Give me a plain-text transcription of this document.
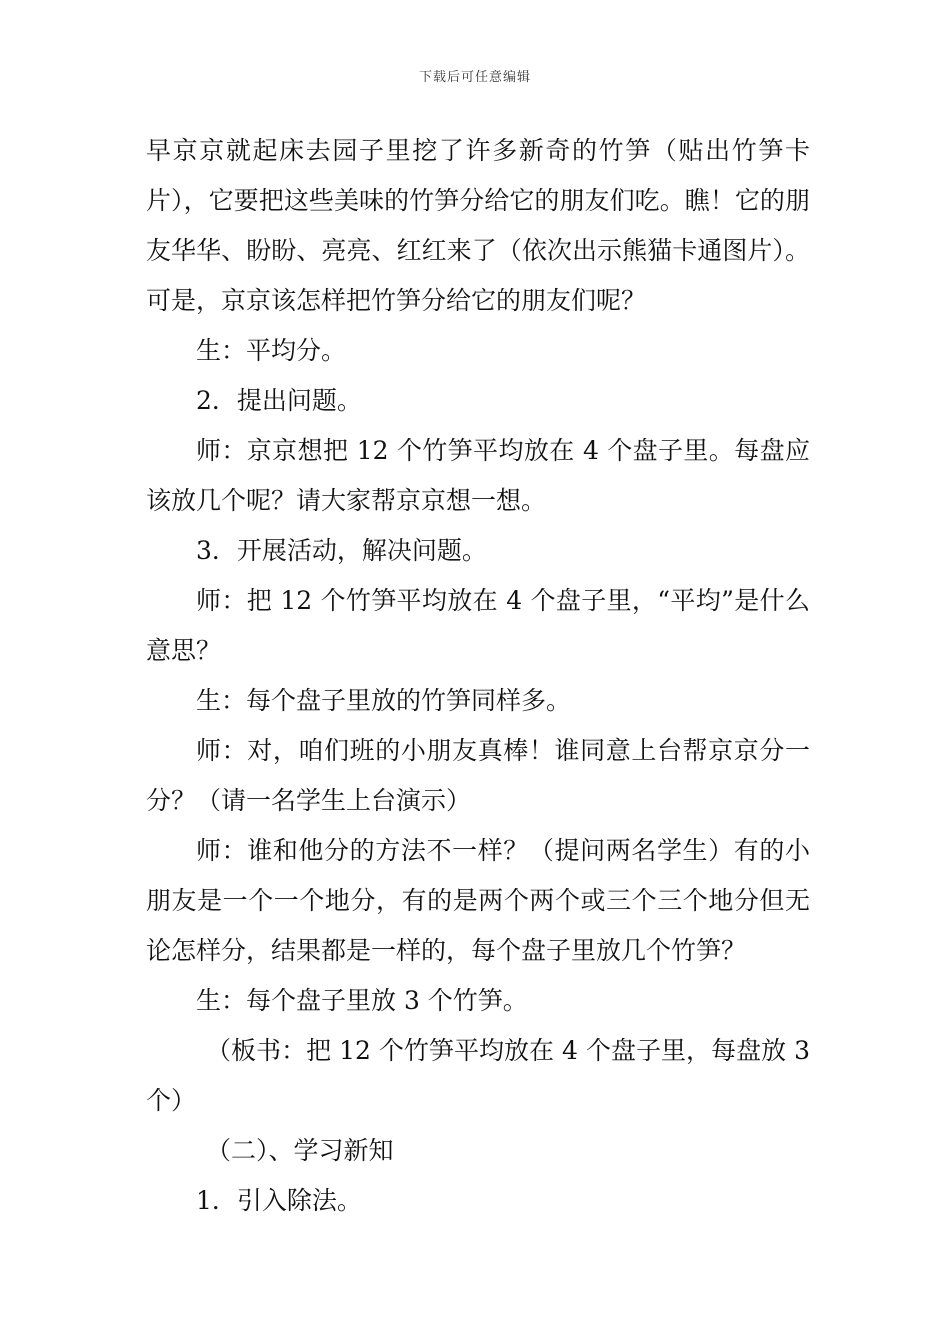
下载后可任意编辑

早京京就起床去园子里挖了许多新奇的竹笋（贴出竹笋卡片），它要把这些美味的竹笋分给它的朋友们吃。瞧！它的朋友华华、盼盼、亮亮、红红来了（依次出示熊猫卡通图片）。可是，京京该怎样把竹笋分给它的朋友们呢？

生：平均分。

2．提出问题。

师：京京想把 12 个竹笋平均放在 4 个盘子里。每盘应该放几个呢？请大家帮京京想一想。

3．开展活动，解决问题。

师：把 12 个竹笋平均放在 4 个盘子里，“平均”是什么意思？

生：每个盘子里放的竹笋同样多。

师：对，咱们班的小朋友真棒！谁同意上台帮京京分一分？（请一名学生上台演示）

师：谁和他分的方法不一样？（提问两名学生）有的小朋友是一个一个地分，有的是两个两个或三个三个地分但无论怎样分，结果都是一样的，每个盘子里放几个竹笋？

生：每个盘子里放 3 个竹笋。

（板书：把 12 个竹笋平均放在 4 个盘子里，每盘放 3 个）

（二）、学习新知

1．引入除法。
